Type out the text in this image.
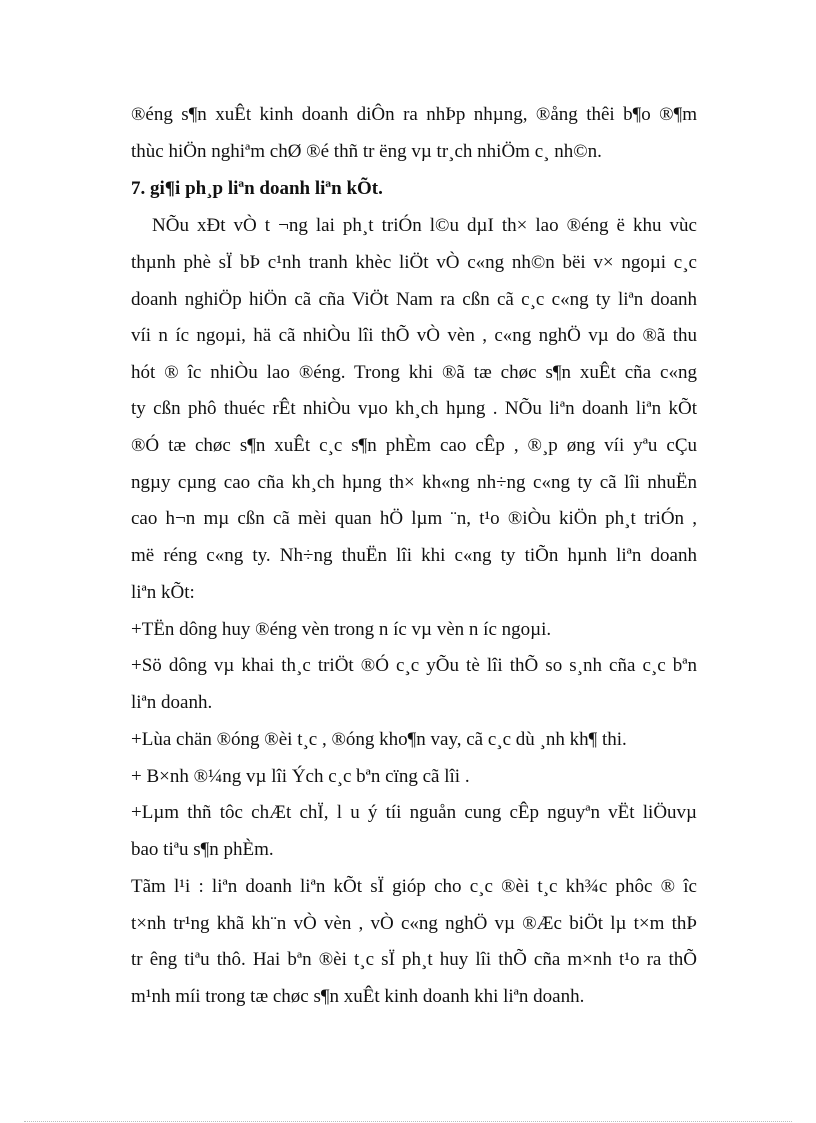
®éng s¶n xuÊt kinh doanh diÔn ra nhÞp nhµng, ®ång thêi b¶o ®¶m
thùc hiÖn nghiªm chØ ®é thñ tr ëng vµ tr¸ch nhiÖm c¸ nh©n.
7. gi¶i ph¸p liªn doanh liªn kÕt.
NÕu xÐt vÒ t ¬ng lai ph¸t triÓn l©u dµI th× lao ®éng ë khu vùc
thµnh phè sÏ bÞ c¹nh tranh khèc liÖt vÒ c«ng nh©n bëi v× ngoµi c¸c
doanh nghiÖp hiÖn cã cña ViÖt Nam ra cßn cã c¸c c«ng ty liªn doanh
víi n íc ngoµi, hä cã nhiÒu lîi thÕ vÒ vèn , c«ng nghÖ vµ do ®ã thu
hót ® îc nhiÒu lao ®éng. Trong khi ®ã tæ chøc s¶n xuÊt cña c«ng
ty cßn phô thuéc rÊt nhiÒu vµo kh¸ch hµng . NÕu liªn doanh liªn kÕt
®Ó tæ chøc s¶n xuÊt c¸c s¶n phÈm cao cÊp , ®¸p øng víi yªu cÇu
ngµy cµng cao cña kh¸ch hµng th× kh«ng nh÷ng c«ng ty cã lîi nhuËn
cao h¬n mµ cßn cã mèi quan hÖ lµm ¨n, t¹o ®iÒu kiÖn ph¸t triÓn ,
më réng c«ng ty. Nh÷ng thuËn lîi khi c«ng ty tiÕn hµnh liªn doanh
liªn kÕt:
+TËn dông huy ®éng vèn trong n íc vµ vèn n íc ngoµi.
+Sö dông vµ khai th¸c triÖt ®Ó c¸c yÕu tè lîi thÕ so s¸nh cña c¸c bªn
liªn doanh.
+Lùa chän ®óng ®èi t¸c , ®óng kho¶n vay, cã c¸c dù ¸nh kh¶ thi.
+ B×nh ®¼ng vµ lîi Ých c¸c bªn cïng cã lîi .
+Lµm thñ tôc chÆt chÏ, l u ý tíi nguån cung cÊp nguyªn vËt liÖuvµ
bao tiªu s¶n phÈm.
Tãm l¹i : liªn doanh liªn kÕt sÏ gióp cho c¸c ®èi t¸c kh¾c phôc ® îc
t×nh tr¹ng khã kh¨n vÒ vèn , vÒ c«ng nghÖ vµ ®Æc biÖt lµ t×m thÞ
tr êng tiªu thô. Hai bªn ®èi t¸c sÏ ph¸t huy lîi thÕ cña m×nh t¹o ra thÕ
m¹nh míi trong tæ chøc s¶n xuÊt kinh doanh khi liªn doanh.
